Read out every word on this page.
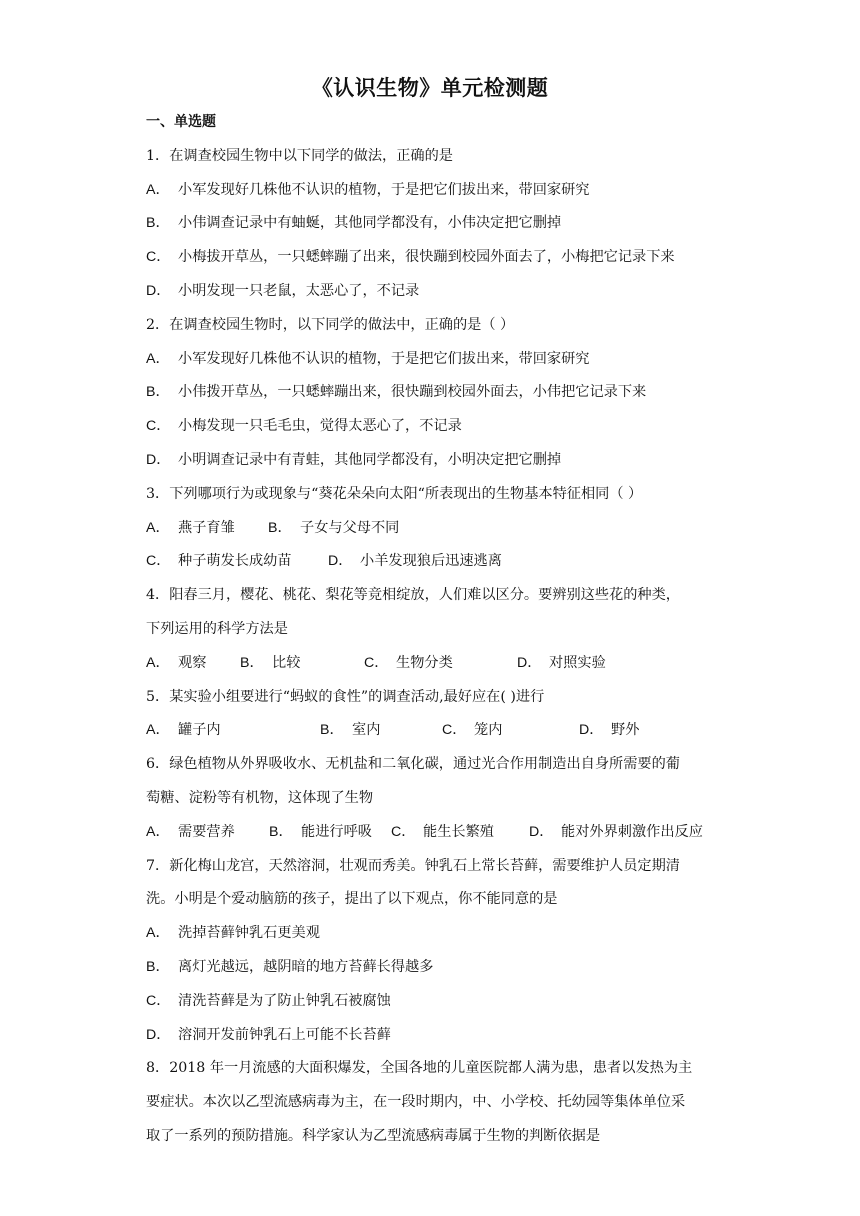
《认识生物》单元检测题
一、单选题
1．在调查校园生物中以下同学的做法，正确的是
A． 小军发现好几株他不认识的植物，于是把它们拔出来，带回家研究
B． 小伟调查记录中有蚰蜒，其他同学都没有，小伟决定把它删掉
C． 小梅拔开草丛，一只蟋蟀蹦了出来，很快蹦到校园外面去了，小梅把它记录下来
D． 小明发现一只老鼠，太恶心了，不记录
2．在调查校园生物时，以下同学的做法中，正确的是（ ）
A． 小军发现好几株他不认识的植物，于是把它们拔出来，带回家研究
B． 小伟拨开草丛，一只蟋蟀蹦出来，很快蹦到校园外面去，小伟把它记录下来
C． 小梅发现一只毛毛虫，觉得太恶心了，不记录
D． 小明调查记录中有青蛙，其他同学都没有，小明决定把它删掉
3．下列哪项行为或现象与“葵花朵朵向太阳“所表现出的生物基本特征相同（ ）
A． 燕子育雏 B． 子女与父母不同
C． 种子萌发长成幼苗	D． 小羊发现狼后迅速逃离
4．阳春三月，樱花、桃花、梨花等竞相绽放，人们难以区分。要辨别这些花的种类，
下列运用的科学方法是
A． 观察 B． 比较	C． 生物分类	D． 对照实验
5．某实验小组要进行“蚂蚁的食性”的调查活动,最好应在( )进行
A． 罐子内	B． 室内	C． 笼内	D． 野外
6．绿色植物从外界吸收水、无机盐和二氧化碳，通过光合作用制造出自身所需要的葡
萄糖、淀粉等有机物，这体现了生物
A． 需要营养 B． 能进行呼吸 C． 能生长繁殖 D． 能对外界刺激作出反应
7．新化梅山龙宫，天然溶洞，壮观而秀美。钟乳石上常长苔藓，需要维护人员定期清
洗。小明是个爱动脑筋的孩子，提出了以下观点，你不能同意的是
A． 洗掉苔藓钟乳石更美观
B． 离灯光越远，越阴暗的地方苔藓长得越多
C． 清洗苔藓是为了防止钟乳石被腐蚀
D． 溶洞开发前钟乳石上可能不长苔藓
8．2018 年一月流感的大面积爆发，全国各地的儿童医院都人满为患，患者以发热为主
要症状。本次以乙型流感病毒为主，在一段时期内，中、小学校、托幼园等集体单位采
取了一系列的预防措施。科学家认为乙型流感病毒属于生物的判断依据是
